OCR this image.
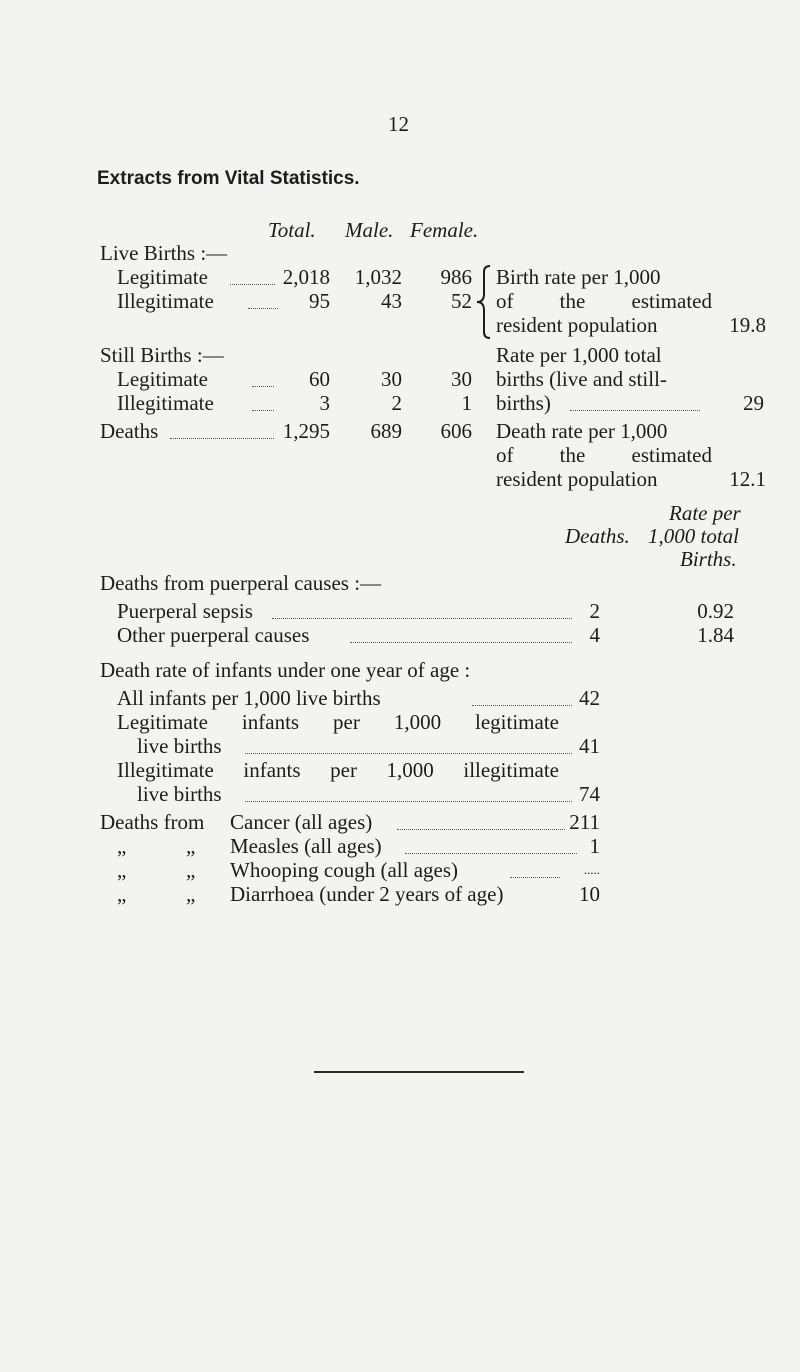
12
Extracts from Vital Statistics.
Total. Male. Female.
Live Births :—
Legitimate	2,018	1,032	986
Illegitimate	95	43	52
Birth rate per 1,000
of the estimated
resident population	19.8
Still Births :—
Legitimate	60	30	30
Illegitimate	3	2	1
Rate per 1,000 total
births (live and still-
births)	29
Deaths	1,295	689	606 Death rate per 1,000
of the estimated
resident population	12.1
Rate per
Deaths. 1,000 total
Births.
Deaths from puerperal causes :—
Puerperal sepsis	2	0.92
Other puerperal causes	4	1.84
Death rate of infants under one year of age :
All infants per 1,000 live births	42
Legitimate infants per 1,000 legitimate
live births	41
Illegitimate infants per 1,000 illegitimate
live births	74
Deaths from Cancer (all ages)	211
„	„ Measles (all ages)	1
„	„ Whooping cough (all ages)	.....
„	„ Diarrhoea (under 2 years of age)	10
